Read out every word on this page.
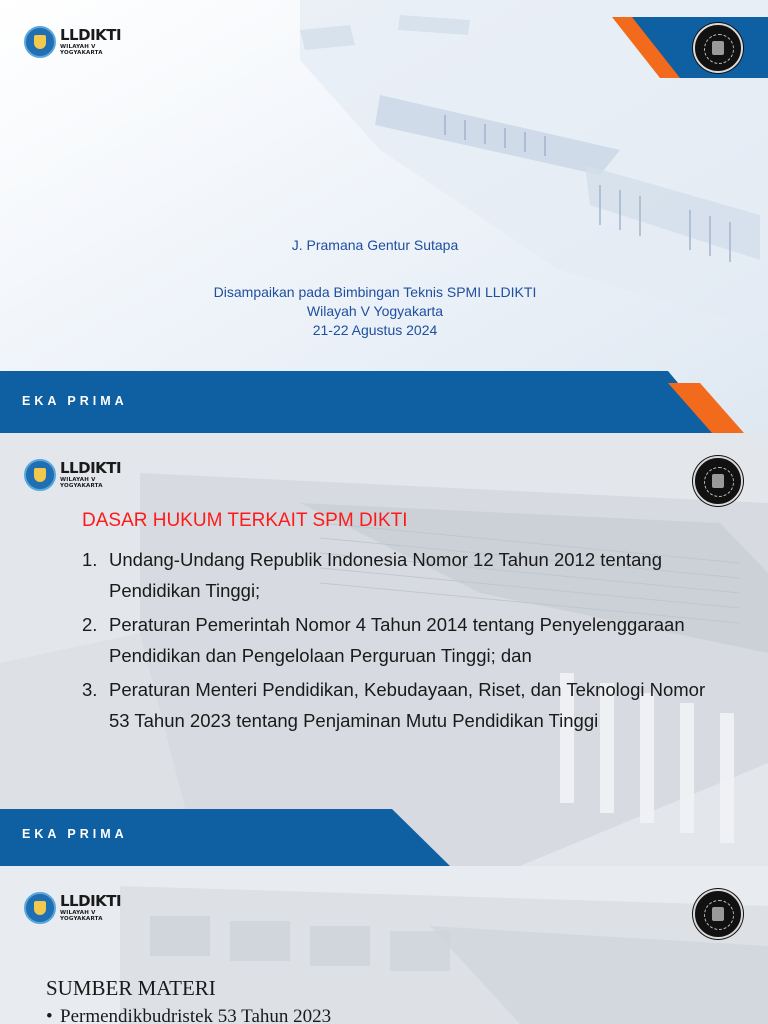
LLDIKTI
WILAYAH V YOGYAKARTA
J. Pramana Gentur Sutapa
Disampaikan pada Bimbingan Teknis SPMI LLDIKTI
Wilayah V Yogyakarta
21-22 Agustus 2024
EKA PRIMA
LLDIKTI
WILAYAH V YOGYAKARTA
EKA PRIMA
DASAR HUKUM TERKAIT SPM DIKTI
1. Undang-Undang Republik Indonesia Nomor 12 Tahun 2012 tentang Pendidikan Tinggi;
2. Peraturan Pemerintah Nomor 4 Tahun 2014 tentang Penyelenggaraan Pendidikan dan Pengelolaan Perguruan Tinggi; dan
3. Peraturan Menteri Pendidikan, Kebudayaan, Riset, dan Teknologi Nomor 53 Tahun 2023 tentang Penjaminan Mutu Pendidikan Tinggi
LLDIKTI
WILAYAH V YOGYAKARTA
SUMBER MATERI
• Permendikbudristek 53 Tahun 2023
